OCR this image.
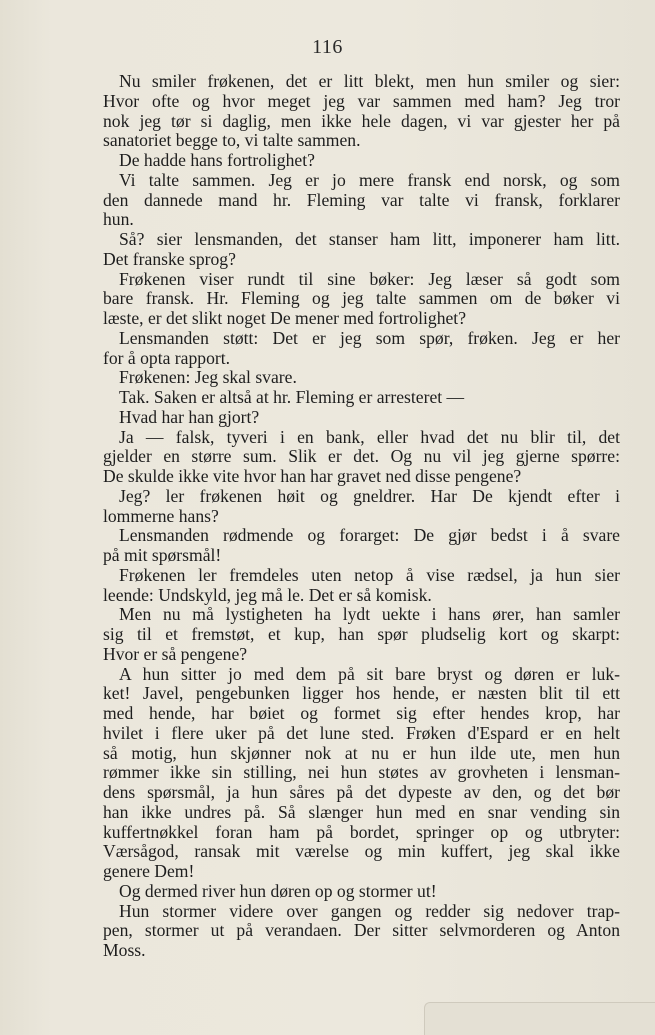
116
Nu smiler frøkenen, det er litt blekt, men hun smiler og sier:
Hvor ofte og hvor meget jeg var sammen med ham? Jeg tror
nok jeg tør si daglig, men ikke hele dagen, vi var gjester her på
sanatoriet begge to, vi talte sammen.
De hadde hans fortrolighet?
Vi talte sammen. Jeg er jo mere fransk end norsk, og som
den dannede mand hr. Fleming var talte vi fransk, forklarer
hun.
Så? sier lensmanden, det stanser ham litt, imponerer ham litt.
Det franske sprog?
Frøkenen viser rundt til sine bøker: Jeg læser så godt som
bare fransk. Hr. Fleming og jeg talte sammen om de bøker vi
læste, er det slikt noget De mener med fortrolighet?
Lensmanden støtt: Det er jeg som spør, frøken. Jeg er her
for å opta rapport.
Frøkenen: Jeg skal svare.
Tak. Saken er altså at hr. Fleming er arresteret —
Hvad har han gjort?
Ja — falsk, tyveri i en bank, eller hvad det nu blir til, det
gjelder en større sum. Slik er det. Og nu vil jeg gjerne spørre:
De skulde ikke vite hvor han har gravet ned disse pengene?
Jeg? ler frøkenen høit og gneldrer. Har De kjendt efter i
lommerne hans?
Lensmanden rødmende og forarget: De gjør bedst i å svare
på mit spørsmål!
Frøkenen ler fremdeles uten netop å vise rædsel, ja hun sier
leende: Undskyld, jeg må le. Det er så komisk.
Men nu må lystigheten ha lydt uekte i hans ører, han samler
sig til et fremstøt, et kup, han spør pludselig kort og skarpt:
Hvor er så pengene?
A hun sitter jo med dem på sit bare bryst og døren er luk-
ket! Javel, pengebunken ligger hos hende, er næsten blit til ett
med hende, har bøiet og formet sig efter hendes krop, har
hvilet i flere uker på det lune sted. Frøken d'Espard er en helt
så motig, hun skjønner nok at nu er hun ilde ute, men hun
rømmer ikke sin stilling, nei hun støtes av grovheten i lensman-
dens spørsmål, ja hun såres på det dypeste av den, og det bør
han ikke undres på. Så slænger hun med en snar vending sin
kuffertnøkkel foran ham på bordet, springer op og utbryter:
Værsågod, ransak mit værelse og min kuffert, jeg skal ikke
genere Dem!
Og dermed river hun døren op og stormer ut!
Hun stormer videre over gangen og redder sig nedover trap-
pen, stormer ut på verandaen. Der sitter selvmorderen og Anton
Moss.
